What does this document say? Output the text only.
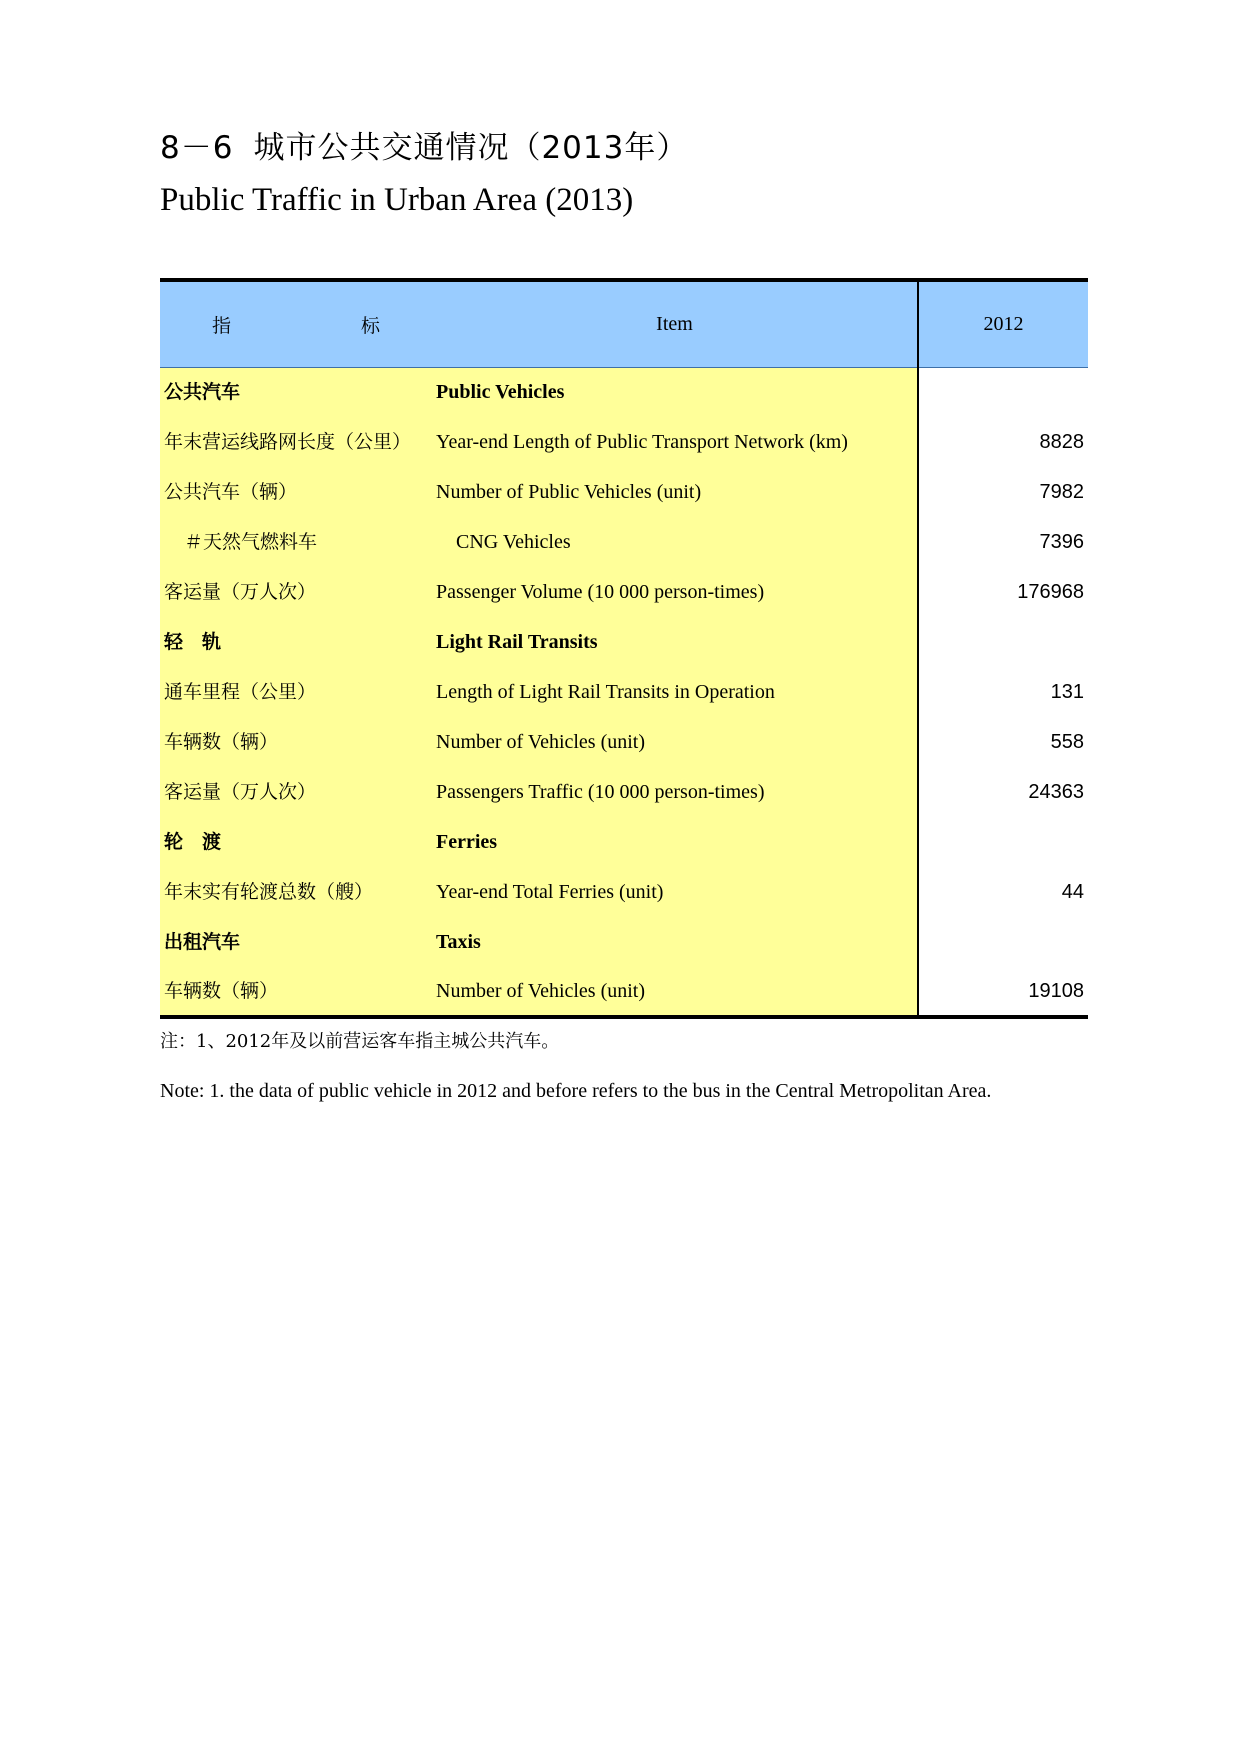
8－6 城市公共交通情况（2013年）
Public Traffic in Urban Area (2013)
指 标	Item	2012
公共汽车	Public Vehicles	
年末营运线路网长度（公里）	Year-end Length of Public Transport Network (km)	8828
公共汽车（辆）	Number of Public Vehicles (unit)	7982
＃天然气燃料车	CNG Vehicles	7396
客运量（万人次）	Passenger Volume (10 000 person-times)	176968
轻　轨	Light Rail Transits	
通车里程（公里）	Length of Light Rail Transits in Operation	131
车辆数（辆）	Number of Vehicles (unit)	558
客运量（万人次）	Passengers Traffic (10 000 person-times)	24363
轮　渡	Ferries	
年末实有轮渡总数（艘）	Year-end Total Ferries (unit)	44
出租汽车	Taxis	
车辆数（辆）	Number of Vehicles (unit)	19108
注：1、2012年及以前营运客车指主城公共汽车。
Note: 1. the data of public vehicle in 2012 and before refers to the bus in the Central Metropolitan Area.
